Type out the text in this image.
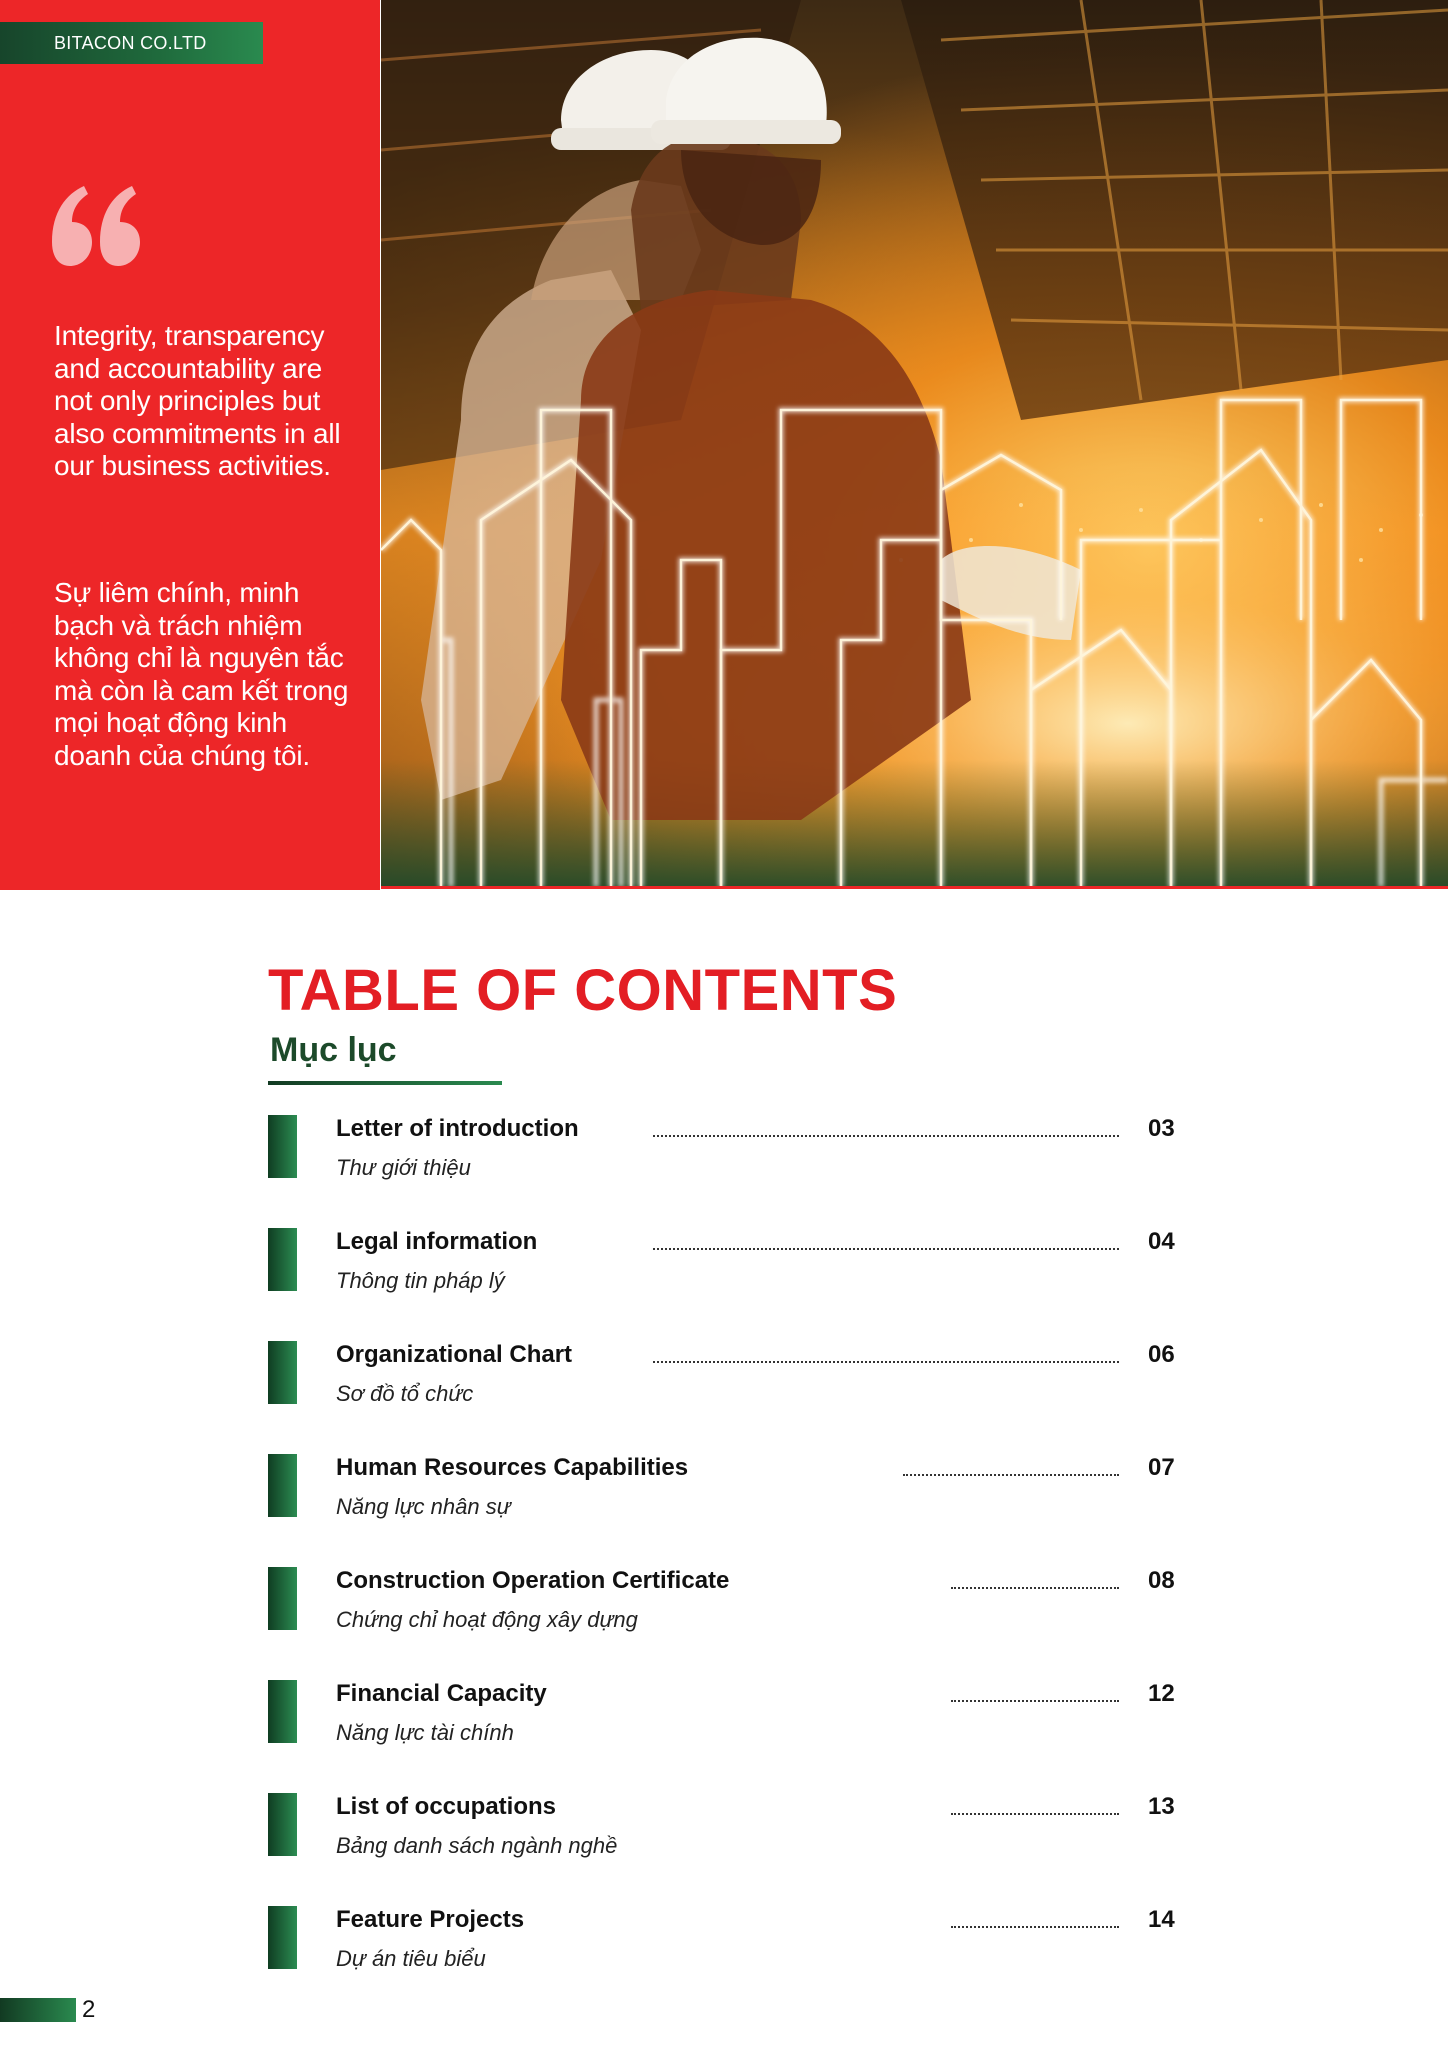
BITACON CO.LTD
Integrity, transparency and accountability are not only principles but also commitments in all our business activities.
Sự liêm chính, minh bạch và trách nhiệm không chỉ là nguyên tắc mà còn là cam kết trong mọi hoạt động kinh doanh của chúng tôi.
TABLE OF CONTENTS
Mục lục
Letter of introduction
Thư giới thiệu
03
Legal information
Thông tin pháp lý
04
Organizational Chart
Sơ đồ tổ chức
06
Human Resources Capabilities
Năng lực nhân sự
07
Construction Operation Certificate
Chứng chỉ hoạt động xây dựng
08
Financial Capacity
Năng lực tài chính
12
List of occupations
Bảng danh sách ngành nghề
13
Feature Projects
Dự án tiêu biểu
14
2
